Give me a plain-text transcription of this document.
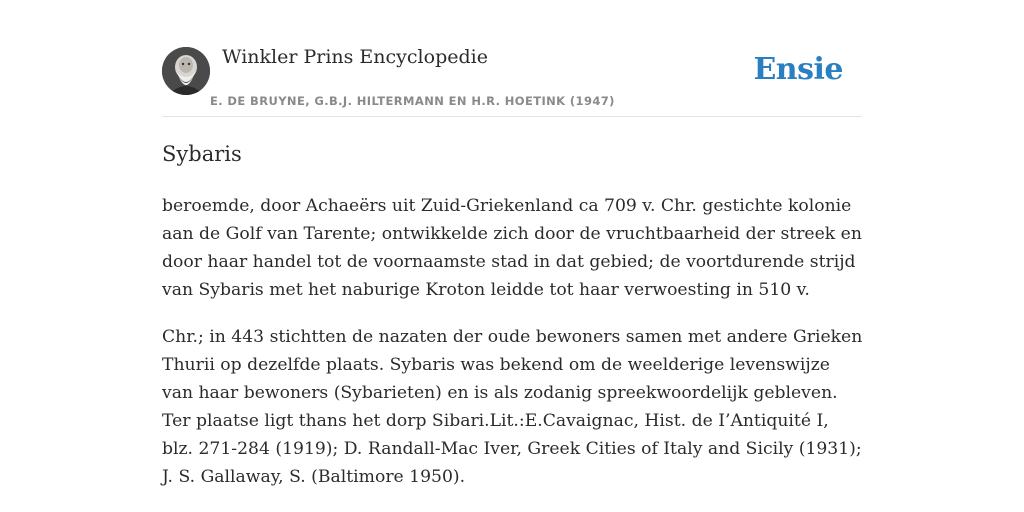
Winkler Prins Encyclopedie
E. DE BRUYNE, G.B.J. HILTERMANN EN H.R. HOETINK (1947)
Ensie
Sybaris

beroemde, door Achaeërs uit Zuid-Griekenland ca 709 v. Chr. gestichte kolonie aan de Golf van Tarente; ontwikkelde zich door de vruchtbaarheid der streek en door haar handel tot de voornaamste stad in dat gebied; de voortdurende strijd van Sybaris met het naburige Kroton leidde tot haar verwoesting in 510 v.

Chr.; in 443 stichtten de nazaten der oude bewoners samen met andere Grieken Thurii op dezelfde plaats. Sybaris was bekend om de weelderige levenswijze van haar bewoners (Sybarieten) en is als zodanig spreekwoordelijk gebleven. Ter plaatse ligt thans het dorp Sibari.Lit.:E.Cavaignac, Hist. de I’Antiquité I, blz. 271-284 (1919); D. Randall-Mac Iver, Greek Cities of Italy and Sicily (1931); J. S. Gallaway, S. (Baltimore 1950).
